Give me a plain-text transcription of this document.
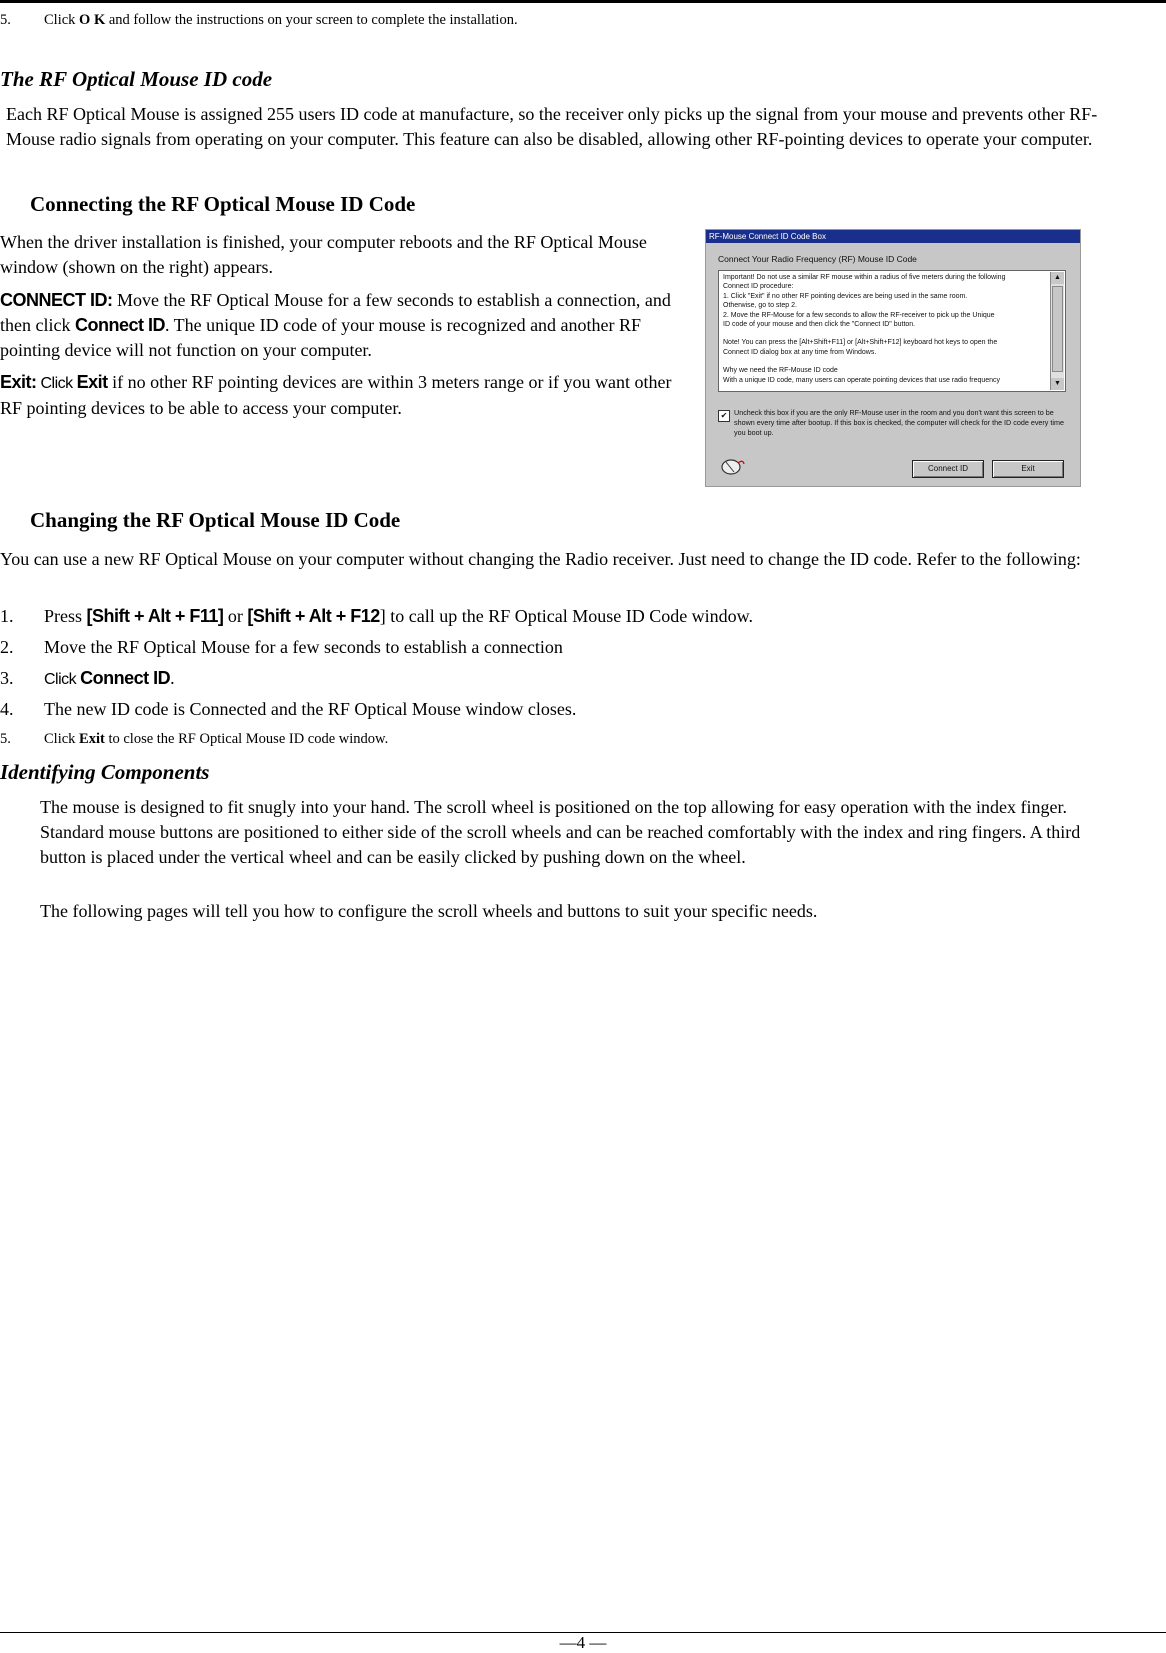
5. Click O K and follow the instructions on your screen to complete the installation.
The RF Optical Mouse ID code

Each RF Optical Mouse is assigned 255 users ID code at manufacture, so the receiver only picks up the signal from your mouse and prevents other RF-Mouse radio signals from operating on your computer. This feature can also be disabled, allowing other RF-pointing devices to operate your computer.

Connecting the RF Optical Mouse ID Code

When the driver installation is finished, your computer reboots and the RF Optical Mouse window (shown on the right) appears.

CONNECT ID: Move the RF Optical Mouse for a few seconds to establish a connection, and then click Connect ID. The unique ID code of your mouse is recognized and another RF pointing device will not function on your computer.

Exit: Click Exit if no other RF pointing devices are within 3 meters range or if you want other RF pointing devices to be able to access your computer.

RF-Mouse Connect ID Code Box
Connect Your Radio Frequency (RF) Mouse ID Code
Important! Do not use a similar RF mouse within a radius of five meters during the following
Connect ID procedure:
1. Click "Exit" if no other RF pointing devices are being used in the same room.
Otherwise, go to step 2.
2. Move the RF-Mouse for a few seconds to allow the RF-receiver to pick up the Unique
ID code of your mouse and then click the "Connect ID" button.
Note! You can press the [Alt+Shift+F11] or [Alt+Shift+F12] keyboard hot keys to open the
Connect ID dialog box at any time from Windows.
Why we need the RF-Mouse ID code
With a unique ID code, many users can operate pointing devices that use radio frequency
▲
▼
✔ Uncheck this box if you are the only RF-Mouse user in the room and you don't want this screen to be shown every time after bootup. If this box is checked, the computer will check for the ID code every time you boot up.
Connect ID	Exit
Changing the RF Optical Mouse ID Code

You can use a new RF Optical Mouse on your computer without changing the Radio receiver. Just need to change the ID code. Refer to the following:

1. Press [Shift + Alt + F11] or [Shift + Alt + F12] to call up the RF Optical Mouse ID Code window.
2. Move the RF Optical Mouse for a few seconds to establish a connection
3. Click Connect ID.
4. The new ID code is Connected and the RF Optical Mouse window closes.
5. Click Exit to close the RF Optical Mouse ID code window.
Identifying Components

The mouse is designed to fit snugly into your hand. The scroll wheel is positioned on the top allowing for easy operation with the index finger. Standard mouse buttons are positioned to either side of the scroll wheels and can be reached comfortably with the index and ring fingers. A third button is placed under the vertical wheel and can be easily clicked by pushing down on the wheel.

The following pages will tell you how to configure the scroll wheels and buttons to suit your specific needs.

—4 —
